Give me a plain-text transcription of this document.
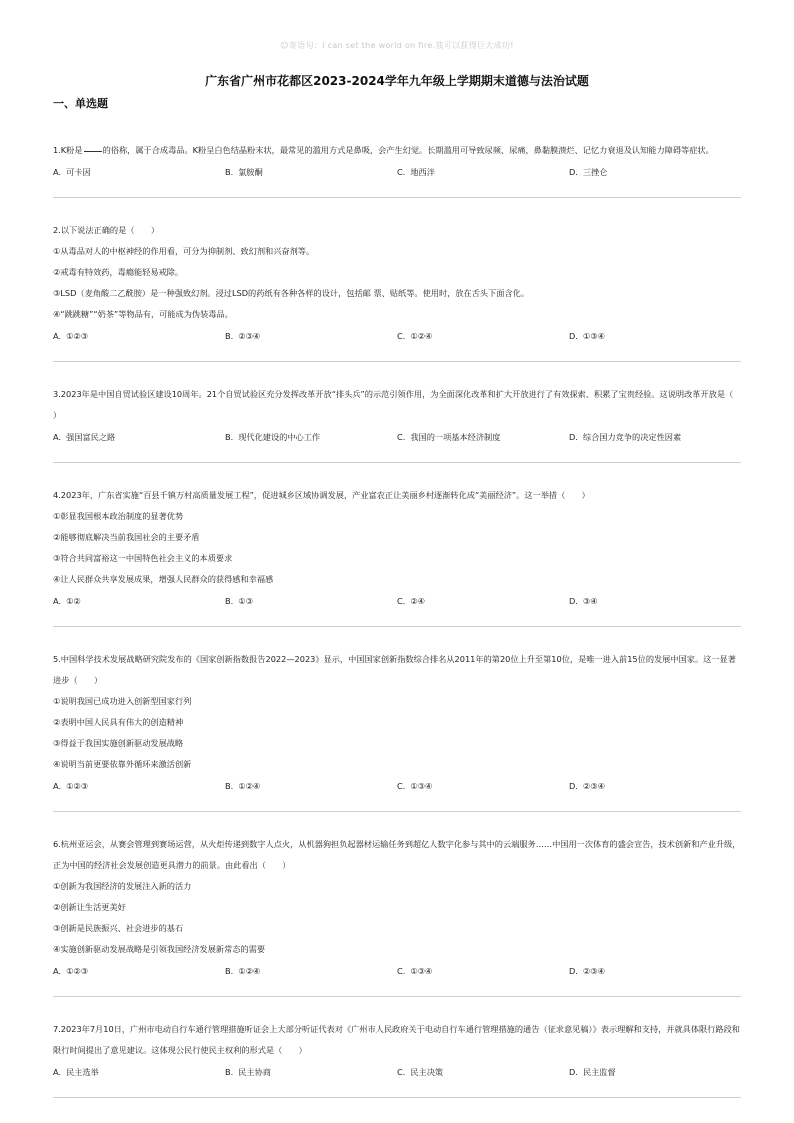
☺寄语句：I can set the world on fire.我可以获得巨大成功!
广东省广州市花都区2023-2024学年九年级上学期期末道德与法治试题
一、单选题
1.K粉是 的俗称，属于合成毒品。K粉呈白色结晶粉末状，最常见的滥用方式是鼻吸，会产生幻觉。长期滥用可导致尿频、尿痛，鼻黏膜溃烂、记忆力衰退及认知能力障碍等症状。
A. 可卡因	B. 氯胺酮	C. 地西泮	D. 三挫仑
2.以下说法正确的是（　　）
①从毒品对人的中枢神经的作用看，可分为抑制剂、致幻剂和兴奋剂等。
②戒毒有特效药，毒瘾能轻易戒除。
③LSD（麦角酸二乙酰胺）是一种强致幻剂。浸过LSD的药纸有各种各样的设计，包括邮 票、贴纸等。使用时，放在舌头下面含化。
④“跳跳糖”“奶茶”等物品有，可能成为伪装毒品。
A. ①②③	B. ②③④	C. ①②④	D. ①③④
3.2023年是中国自贸试验区建设10周年。21个自贸试验区充分发挥改革开放“排头兵”的示范引领作用，为全面深化改革和扩大开放进行了有效探索、积累了宝贵经验。这说明改革开放是（　　）
A. 强国富民之路	B. 现代化建设的中心工作	C. 我国的一项基本经济制度	D. 综合国力竞争的决定性因素
4.2023年，广东省实施“百县千镇万村高质量发展工程”，促进城乡区域协调发展，产业富农正让美丽乡村逐渐转化成“美丽经济”。这一举措（　　）
①彰显我国根本政治制度的显著优势
②能够彻底解决当前我国社会的主要矛盾
③符合共同富裕这一中国特色社会主义的本质要求
④让人民群众共享发展成果，增强人民群众的获得感和幸福感
A. ①②	B. ①③	C. ②④	D. ③④
5.中国科学技术发展战略研究院发布的《国家创新指数报告2022—2023》显示，中国国家创新指数综合排名从2011年的第20位上升至第10位，是唯一进入前15位的发展中国家。这一显著进步（　　）
①说明我国已成功进入创新型国家行列
②表明中国人民具有伟大的创造精神
③得益于我国实施创新驱动发展战略
④说明当前更要依靠外循环来激活创新
A. ①②③	B. ①②④	C. ①③④	D. ②③④
6.杭州亚运会，从赛会管理到赛场运营，从火炬传递到数字人点火，从机器狗担负起器材运输任务到超亿人数字化参与其中的云端服务……中国用一次体育的盛会宣告，技术创新和产业升级，正为中国的经济社会发展创造更具潜力的前景。由此看出（　　）
①创新为我国经济的发展注入新的活力
②创新让生活更美好
③创新是民族振兴、社会进步的基石
④实施创新驱动发展战略是引领我国经济发展新常态的需要
A. ①②③	B. ①②④	C. ①③④	D. ②③④
7.2023年7月10日，广州市电动自行车通行管理措施听证会上大部分听证代表对《广州市人民政府关于电动自行车通行管理措施的通告（征求意见稿）》表示理解和支持，并就具体限行路段和限行时间提出了意见建议。这体现公民行使民主权利的形式是（　　）
A. 民主选举	B. 民主协商	C. 民主决策	D. 民主监督
